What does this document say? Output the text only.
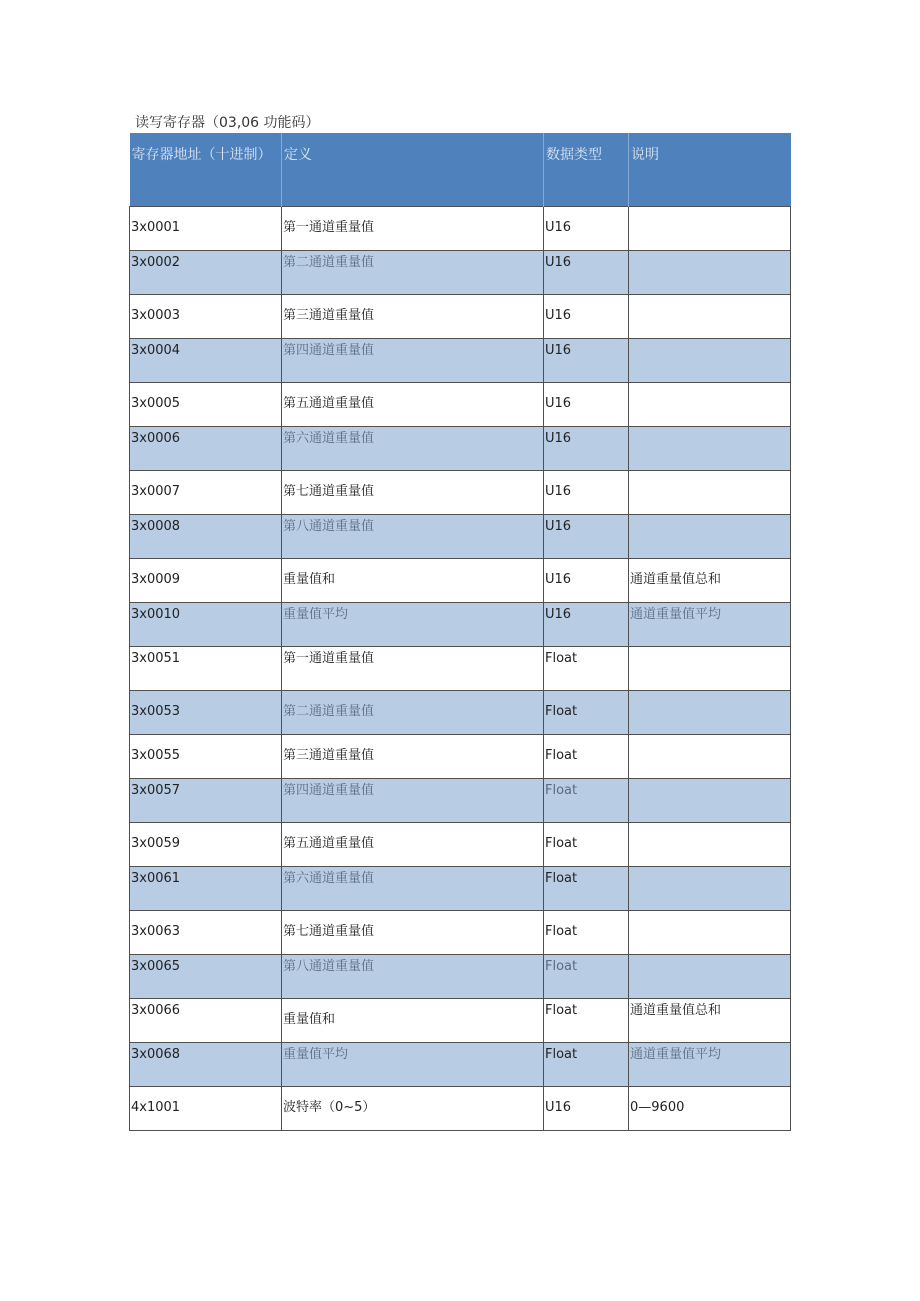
读写寄存器（03,06 功能码）
寄存器地址（十进制）	定义	数据类型	说明
3x0001	第一通道重量值	U16	
3x0002	第二通道重量值	U16	
3x0003	第三通道重量值	U16	
3x0004	第四通道重量值	U16	
3x0005	第五通道重量值	U16	
3x0006	第六通道重量值	U16	
3x0007	第七通道重量值	U16	
3x0008	第八通道重量值	U16	
3x0009	重量值和	U16	通道重量值总和
3x0010	重量值平均	U16	通道重量值平均
3x0051	第一通道重量值	Float	
3x0053	第二通道重量值	Float	
3x0055	第三通道重量值	Float	
3x0057	第四通道重量值	Float	
3x0059	第五通道重量值	Float	
3x0061	第六通道重量值	Float	
3x0063	第七通道重量值	Float	
3x0065	第八通道重量值	Float	
3x0066	重量值和	Float	通道重量值总和
3x0068	重量值平均	Float	通道重量值平均
4x1001	波特率（0~5）	U16	0—9600
